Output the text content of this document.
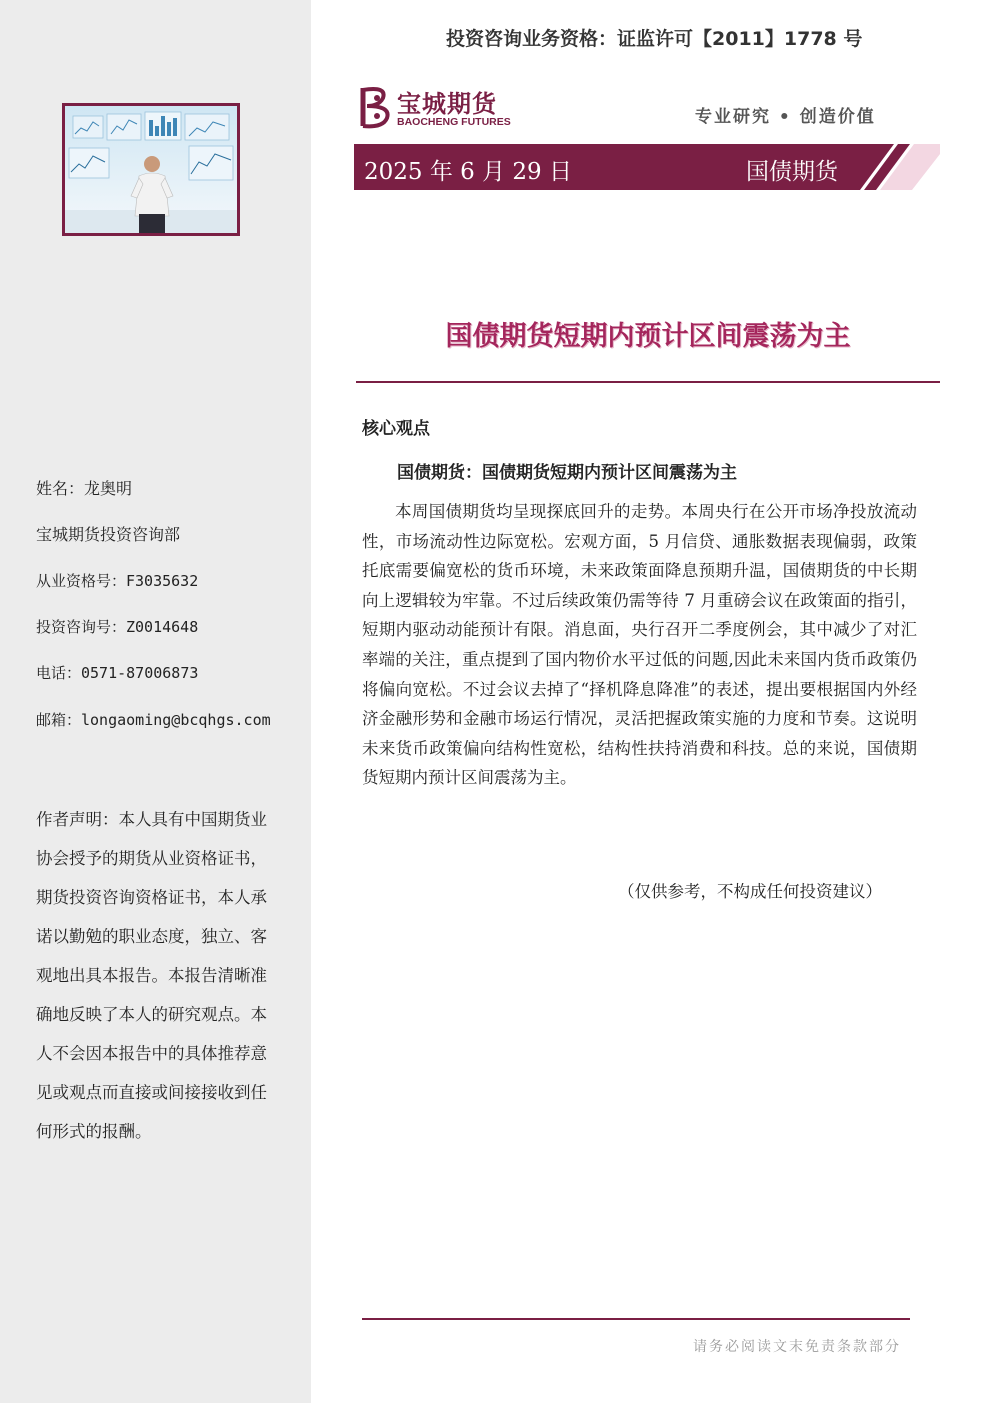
姓名：龙奥明
宝城期货投资咨询部
从业资格号：F3035632
投资咨询号：Z0014648
电话：0571-87006873
邮箱：longaoming@bcqhgs.com
作者声明：本人具有中国期货业协会授予的期货从业资格证书，期货投资咨询资格证书，本人承诺以勤勉的职业态度，独立、客观地出具本报告。本报告清晰准确地反映了本人的研究观点。本人不会因本报告中的具体推荐意见或观点而直接或间接接收到任何形式的报酬。
投资咨询业务资格：证监许可【2011】1778 号
宝城期货
BAOCHENG FUTURES	专业研究 • 创造价值
2025 年 6 月 29 日	国债期货
国债期货短期内预计区间震荡为主
核心观点
国债期货：国债期货短期内预计区间震荡为主
本周国债期货均呈现探底回升的走势。本周央行在公开市场净投放流动性，市场流动性边际宽松。宏观方面，5 月信贷、通胀数据表现偏弱，政策托底需要偏宽松的货币环境，未来政策面降息预期升温，国债期货的中长期向上逻辑较为牢靠。不过后续政策仍需等待 7 月重磅会议在政策面的指引，短期内驱动动能预计有限。消息面，央行召开二季度例会，其中减少了对汇率端的关注，重点提到了国内物价水平过低的问题,因此未来国内货币政策仍将偏向宽松。不过会议去掉了“择机降息降准”的表述，提出要根据国内外经济金融形势和金融市场运行情况，灵活把握政策实施的力度和节奏。这说明未来货币政策偏向结构性宽松，结构性扶持消费和科技。总的来说，国债期货短期内预计区间震荡为主。
（仅供参考，不构成任何投资建议）
请务必阅读文末免责条款部分
